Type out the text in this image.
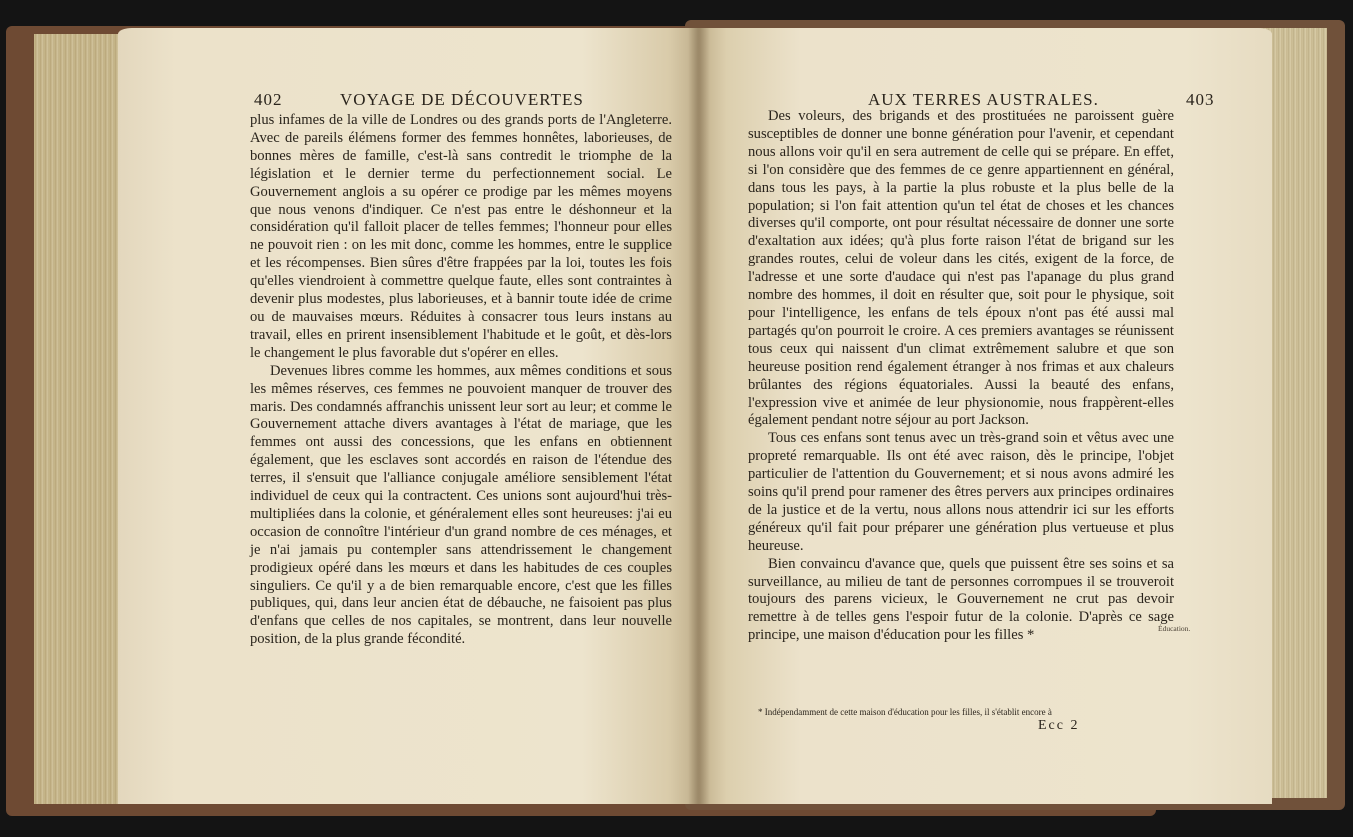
402	VOYAGE DE DÉCOUVERTES

plus infames de la ville de Londres ou des grands ports de l'Angleterre. Avec de pareils élémens former des femmes honnêtes, laborieuses, de bonnes mères de famille, c'est-là sans contredit le triomphe de la législation et le dernier terme du perfectionnement social. Le Gouvernement anglois a su opérer ce prodige par les mêmes moyens que nous venons d'indiquer. Ce n'est pas entre le déshonneur et la considération qu'il falloit placer de telles femmes; l'honneur pour elles ne pouvoit rien : on les mit donc, comme les hommes, entre le supplice et les récompenses. Bien sûres d'être frappées par la loi, toutes les fois qu'elles viendroient à commettre quelque faute, elles sont contraintes à devenir plus modestes, plus laborieuses, et à bannir toute idée de crime ou de mauvaises mœurs. Réduites à consacrer tous leurs instans au travail, elles en prirent insensiblement l'habitude et le goût, et dès-lors le changement le plus favorable dut s'opérer en elles.

Devenues libres comme les hommes, aux mêmes conditions et sous les mêmes réserves, ces femmes ne pouvoient manquer de trouver des maris. Des condamnés affranchis unissent leur sort au leur; et comme le Gouvernement attache divers avantages à l'état de mariage, que les femmes ont aussi des concessions, que les enfans en obtiennent également, que les esclaves sont accordés en raison de l'étendue des terres, il s'ensuit que l'alliance conjugale améliore sensiblement l'état individuel de ceux qui la contractent. Ces unions sont aujourd'hui très-multipliées dans la colonie, et généralement elles sont heureuses: j'ai eu occasion de connoître l'intérieur d'un grand nombre de ces ménages, et je n'ai jamais pu contempler sans attendrissement le changement prodigieux opéré dans les mœurs et dans les habitudes de ces couples singuliers. Ce qu'il y a de bien remarquable encore, c'est que les filles publiques, qui, dans leur ancien état de débauche, ne faisoient pas plus d'enfans que celles de nos capitales, se montrent, dans leur nouvelle position, de la plus grande fécondité.

AUX TERRES AUSTRALES.	403

Des voleurs, des brigands et des prostituées ne paroissent guère susceptibles de donner une bonne génération pour l'avenir, et cependant nous allons voir qu'il en sera autrement de celle qui se prépare. En effet, si l'on considère que des femmes de ce genre appartiennent en général, dans tous les pays, à la partie la plus robuste et la plus belle de la population; si l'on fait attention qu'un tel état de choses et les chances diverses qu'il comporte, ont pour résultat nécessaire de donner une sorte d'exaltation aux idées; qu'à plus forte raison l'état de brigand sur les grandes routes, celui de voleur dans les cités, exigent de la force, de l'adresse et une sorte d'audace qui n'est pas l'apanage du plus grand nombre des hommes, il doit en résulter que, soit pour le physique, soit pour l'intelligence, les enfans de tels époux n'ont pas été aussi mal partagés qu'on pourroit le croire. A ces premiers avantages se réunissent tous ceux qui naissent d'un climat extrêmement salubre et que son heureuse position rend également étranger à nos frimas et aux chaleurs brûlantes des régions équatoriales. Aussi la beauté des enfans, l'expression vive et animée de leur physionomie, nous frappèrent-elles également pendant notre séjour au port Jackson.

Tous ces enfans sont tenus avec un très-grand soin et vêtus avec une propreté remarquable. Ils ont été avec raison, dès le principe, l'objet particulier de l'attention du Gouvernement; et si nous avons admiré les soins qu'il prend pour ramener des êtres pervers aux principes ordinaires de la justice et de la vertu, nous allons nous attendrir ici sur les efforts généreux qu'il fait pour préparer une génération plus vertueuse et plus heureuse.

Bien convaincu d'avance que, quels que puissent être ses soins et sa surveillance, au milieu de tant de personnes corrompues il se trouveroit toujours des parens vicieux, le Gouvernement ne crut pas devoir remettre à de telles gens l'espoir futur de la colonie. D'après ce sage principe, une maison d'éducation pour les filles *	Éducation.
* Indépendamment de cette maison d'éducation pour les filles, il s'établit encore à
Ecc 2
